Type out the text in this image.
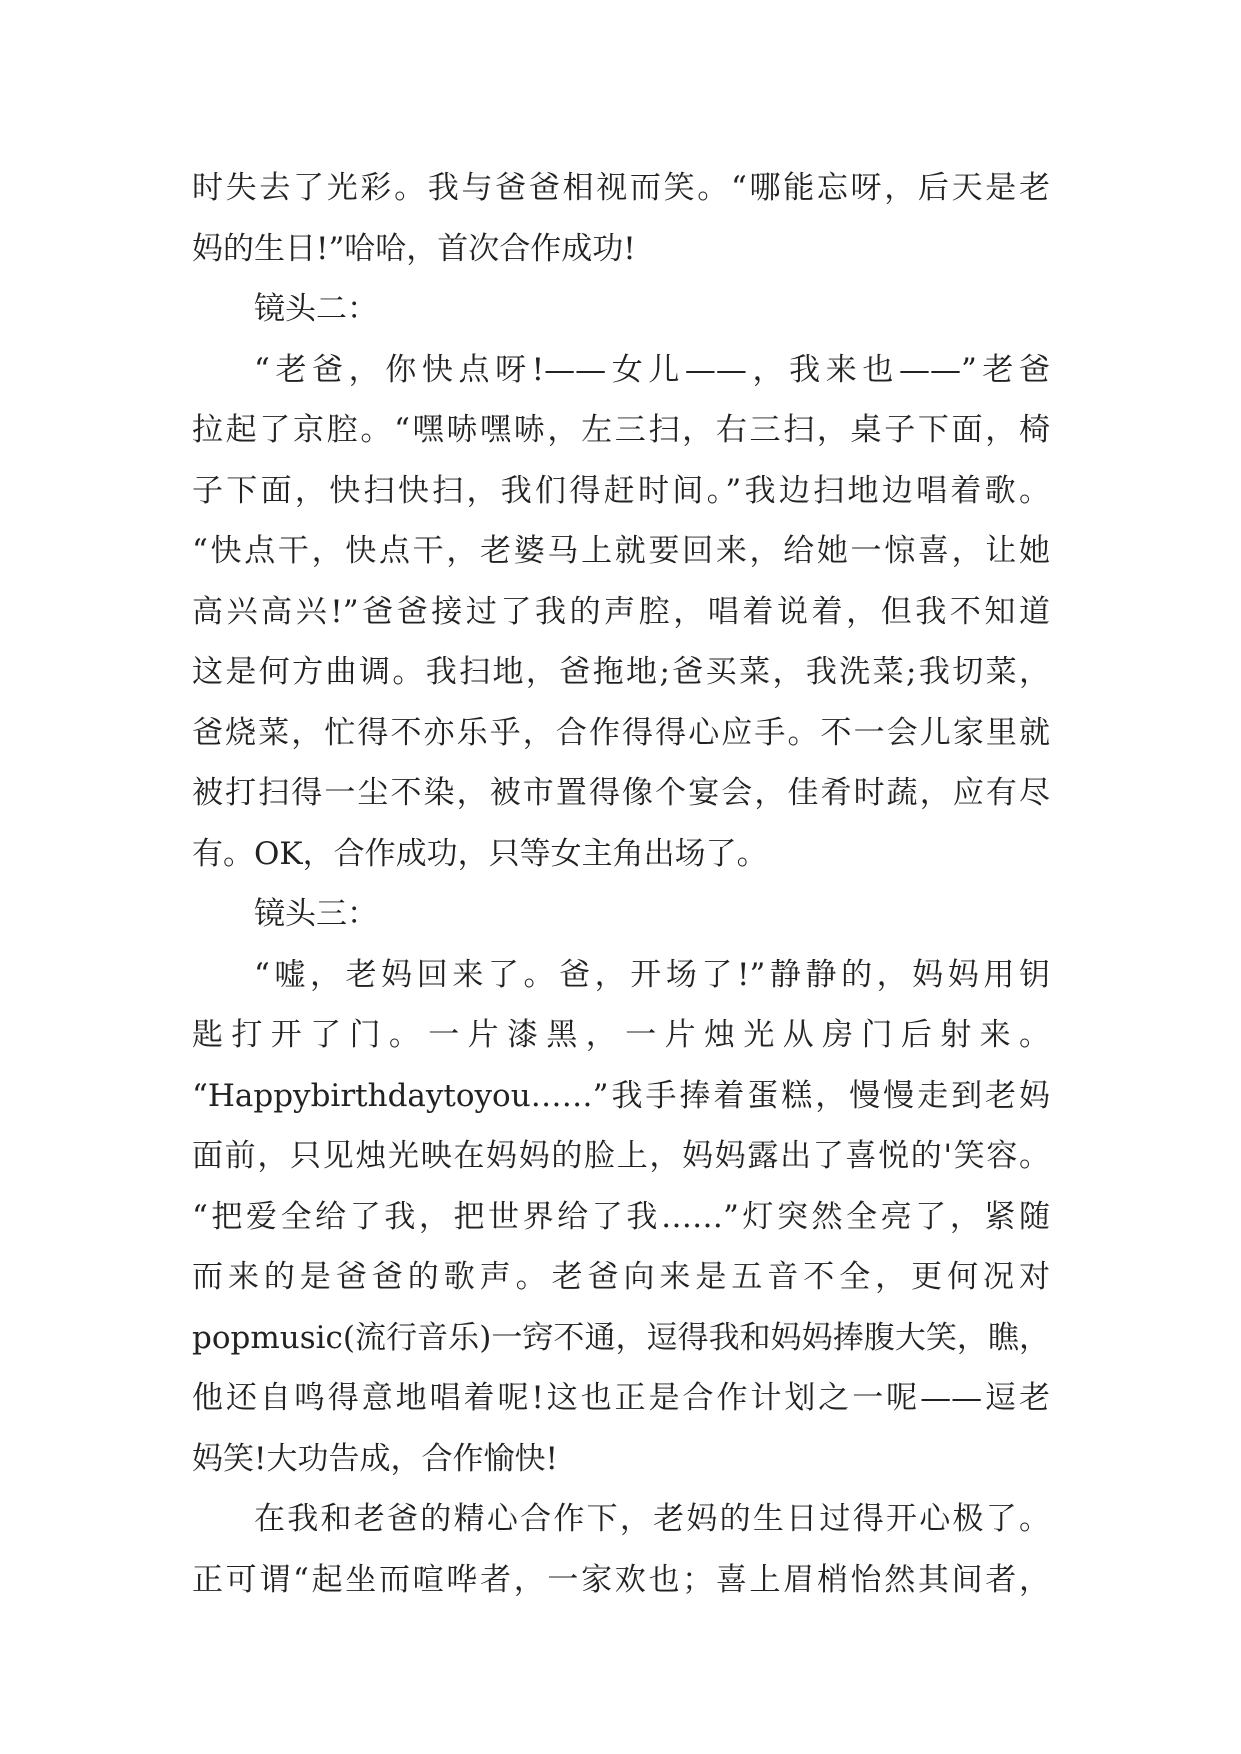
时失去了光彩。我与爸爸相视而笑。“哪能忘呀，后天是老
妈的生日!”哈哈，首次合作成功!
镜头二：
“老爸，你快点呀!——女儿——，我来也——”老爸
拉起了京腔。“嘿哧嘿哧，左三扫，右三扫，桌子下面，椅
子下面，快扫快扫，我们得赶时间。”我边扫地边唱着歌。
“快点干，快点干，老婆马上就要回来，给她一惊喜，让她
高兴高兴!”爸爸接过了我的声腔，唱着说着，但我不知道
这是何方曲调。我扫地，爸拖地;爸买菜，我洗菜;我切菜，
爸烧菜，忙得不亦乐乎，合作得得心应手。不一会儿家里就
被打扫得一尘不染，被市置得像个宴会，佳肴时蔬，应有尽
有。OK，合作成功，只等女主角出场了。
镜头三：
“嘘，老妈回来了。爸，开场了!”静静的，妈妈用钥
匙打开了门。一片漆黑，一片烛光从房门后射来。
“Happybirthdaytoyou……”我手捧着蛋糕，慢慢走到老妈
面前，只见烛光映在妈妈的脸上，妈妈露出了喜悦的'笑容。
“把爱全给了我，把世界给了我……”灯突然全亮了，紧随
而来的是爸爸的歌声。老爸向来是五音不全，更何况对
popmusic(流行音乐)一窍不通，逗得我和妈妈捧腹大笑，瞧，
他还自鸣得意地唱着呢!这也正是合作计划之一呢——逗老
妈笑!大功告成，合作愉快!
在我和老爸的精心合作下，老妈的生日过得开心极了。
正可谓“起坐而喧哗者，一家欢也；喜上眉梢怡然其间者，
